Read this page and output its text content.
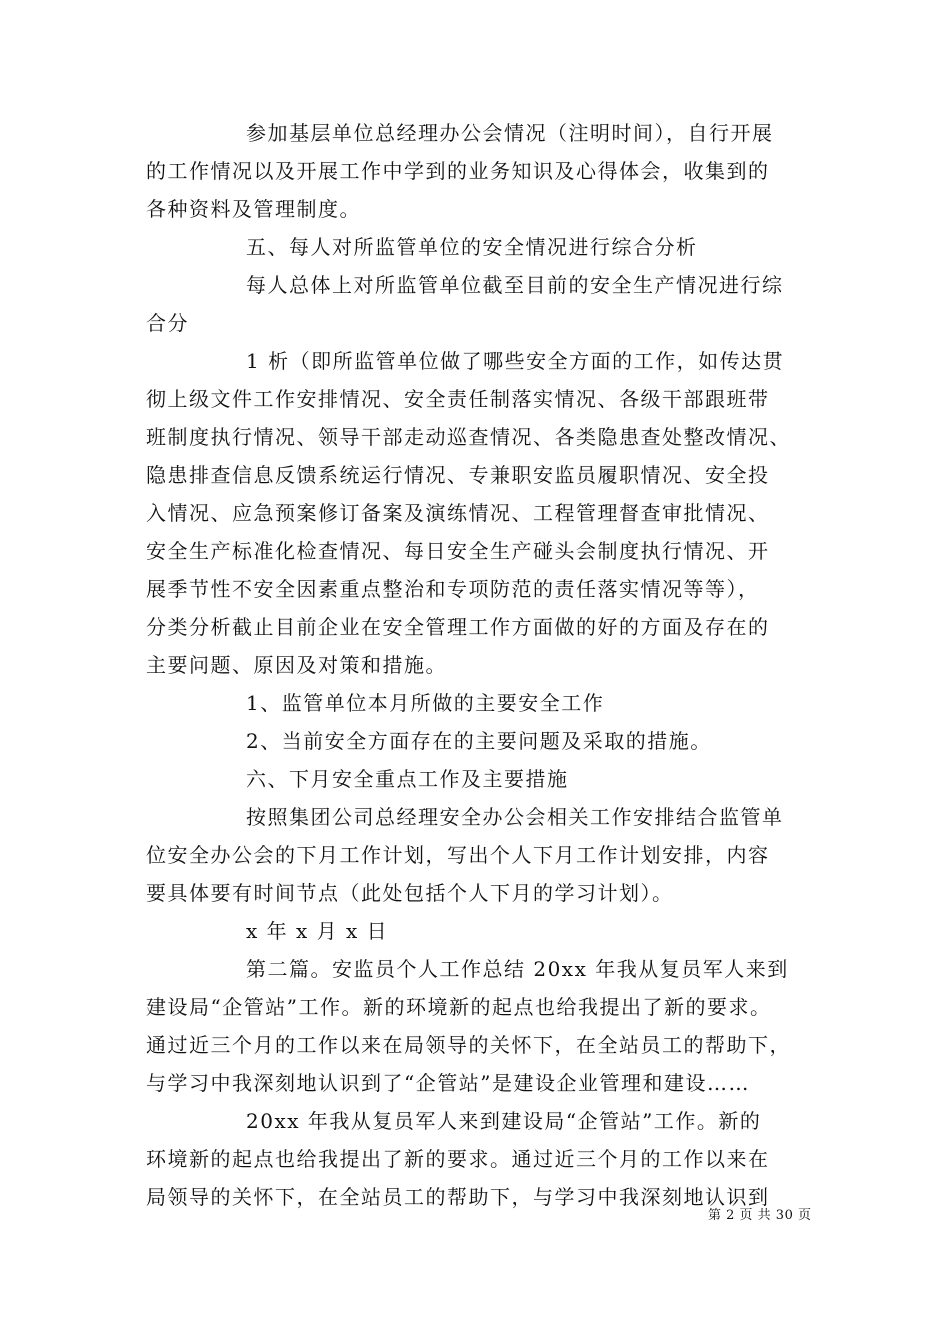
参加基层单位总经理办公会情况（注明时间），自行开展
的工作情况以及开展工作中学到的业务知识及心得体会，收集到的
各种资料及管理制度。
五、每人对所监管单位的安全情况进行综合分析
每人总体上对所监管单位截至目前的安全生产情况进行综
合分
1 析（即所监管单位做了哪些安全方面的工作，如传达贯
彻上级文件工作安排情况、安全责任制落实情况、各级干部跟班带
班制度执行情况、领导干部走动巡查情况、各类隐患查处整改情况、
隐患排查信息反馈系统运行情况、专兼职安监员履职情况、安全投
入情况、应急预案修订备案及演练情况、工程管理督查审批情况、
安全生产标准化检查情况、每日安全生产碰头会制度执行情况、开
展季节性不安全因素重点整治和专项防范的责任落实情况等等），
分类分析截止目前企业在安全管理工作方面做的好的方面及存在的
主要问题、原因及对策和措施。
1、监管单位本月所做的主要安全工作
2、当前安全方面存在的主要问题及采取的措施。
六、下月安全重点工作及主要措施
按照集团公司总经理安全办公会相关工作安排结合监管单
位安全办公会的下月工作计划，写出个人下月工作计划安排，内容
要具体要有时间节点（此处包括个人下月的学习计划）。
x 年 x 月 x 日
第二篇。安监员个人工作总结 20xx 年我从复员军人来到
建设局“企管站”工作。新的环境新的起点也给我提出了新的要求。
通过近三个月的工作以来在局领导的关怀下，在全站员工的帮助下，
与学习中我深刻地认识到了“企管站”是建设企业管理和建设……
20xx 年我从复员军人来到建设局“企管站”工作。新的
环境新的起点也给我提出了新的要求。通过近三个月的工作以来在
局领导的关怀下，在全站员工的帮助下，与学习中我深刻地认识到
第 2 页 共 30 页
